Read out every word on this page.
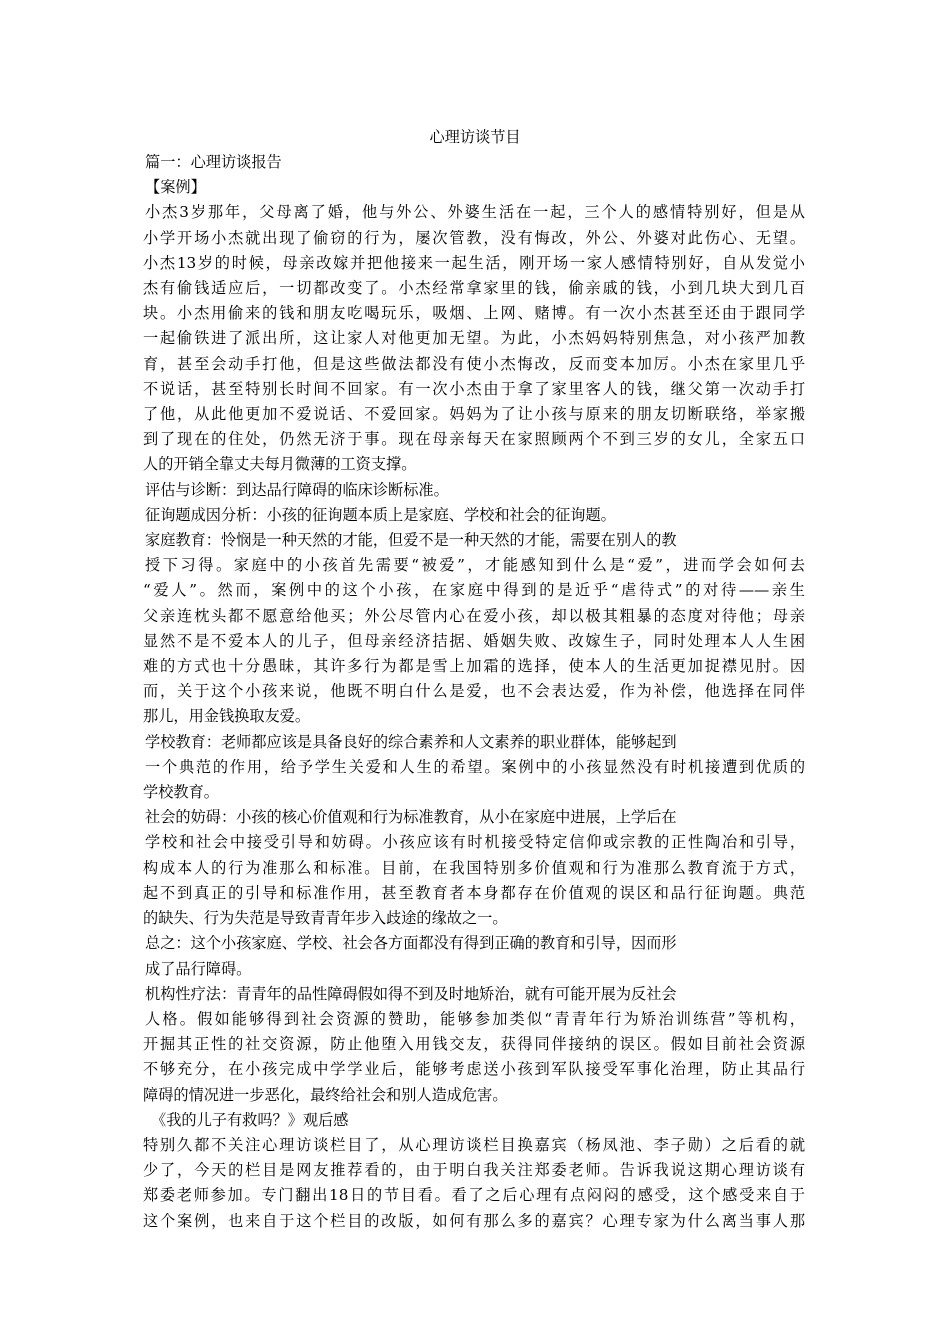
心理访谈节目

篇一：心理访谈报告

【案例】

小杰3岁那年，父母离了婚，他与外公、外婆生活在一起，三个人的感情特别好，但是从

小学开场小杰就出现了偷窃的行为，屡次管教，没有悔改，外公、外婆对此伤心、无望。

小杰13岁的时候，母亲改嫁并把他接来一起生活，刚开场一家人感情特别好，自从发觉小

杰有偷钱适应后，一切都改变了。小杰经常拿家里的钱，偷亲戚的钱，小到几块大到几百

块。小杰用偷来的钱和朋友吃喝玩乐，吸烟、上网、赌博。有一次小杰甚至还由于跟同学

一起偷铁进了派出所，这让家人对他更加无望。为此，小杰妈妈特别焦急，对小孩严加教

育，甚至会动手打他，但是这些做法都没有使小杰悔改，反而变本加厉。小杰在家里几乎

不说话，甚至特别长时间不回家。有一次小杰由于拿了家里客人的钱，继父第一次动手打

了他，从此他更加不爱说话、不爱回家。妈妈为了让小孩与原来的朋友切断联络，举家搬

到了现在的住处，仍然无济于事。现在母亲每天在家照顾两个不到三岁的女儿，全家五口

人的开销全靠丈夫每月微薄的工资支撑。

评估与诊断：到达品行障碍的临床诊断标准。

征询题成因分析：小孩的征询题本质上是家庭、学校和社会的征询题。

家庭教育：怜悯是一种天然的才能，但爱不是一种天然的才能，需要在别人的教

授下习得。家庭中的小孩首先需要“被爱”，才能感知到什么是“爱”，进而学会如何去

“爱人”。然而，案例中的这个小孩，在家庭中得到的是近乎“虐待式”的对待——亲生

父亲连枕头都不愿意给他买；外公尽管内心在爱小孩，却以极其粗暴的态度对待他；母亲

显然不是不爱本人的儿子，但母亲经济拮据、婚姻失败、改嫁生子，同时处理本人人生困

难的方式也十分愚昧，其许多行为都是雪上加霜的选择，使本人的生活更加捉襟见肘。因

而，关于这个小孩来说，他既不明白什么是爱，也不会表达爱，作为补偿，他选择在同伴

那儿，用金钱换取友爱。

学校教育：老师都应该是具备良好的综合素养和人文素养的职业群体，能够起到

一个典范的作用，给予学生关爱和人生的希望。案例中的小孩显然没有时机接遭到优质的

学校教育。

社会的妨碍：小孩的核心价值观和行为标准教育，从小在家庭中进展，上学后在

学校和社会中接受引导和妨碍。小孩应该有时机接受特定信仰或宗教的正性陶冶和引导，

构成本人的行为准那么和标准。目前，在我国特别多价值观和行为准那么教育流于方式，

起不到真正的引导和标准作用，甚至教育者本身都存在价值观的误区和品行征询题。典范

的缺失、行为失范是导致青青年步入歧途的缘故之一。

总之：这个小孩家庭、学校、社会各方面都没有得到正确的教育和引导，因而形

成了品行障碍。

机构性疗法：青青年的品性障碍假如得不到及时地矫治，就有可能开展为反社会

人格。假如能够得到社会资源的赞助，能够参加类似“青青年行为矫治训练营”等机构，

开掘其正性的社交资源，防止他堕入用钱交友，获得同伴接纳的误区。假如目前社会资源

不够充分，在小孩完成中学学业后，能够考虑送小孩到军队接受军事化治理，防止其品行

障碍的情况进一步恶化，最终给社会和别人造成危害。

《我的儿子有救吗？》观后感

特别久都不关注心理访谈栏目了，从心理访谈栏目换嘉宾（杨凤池、李子勋）之后看的就

少了，今天的栏目是网友推荐看的，由于明白我关注郑委老师。告诉我说这期心理访谈有

郑委老师参加。专门翻出18日的节目看。看了之后心理有点闷闷的感受，这个感受来自于

这个案例，也来自于这个栏目的改版，如何有那么多的嘉宾？心理专家为什么离当事人那
